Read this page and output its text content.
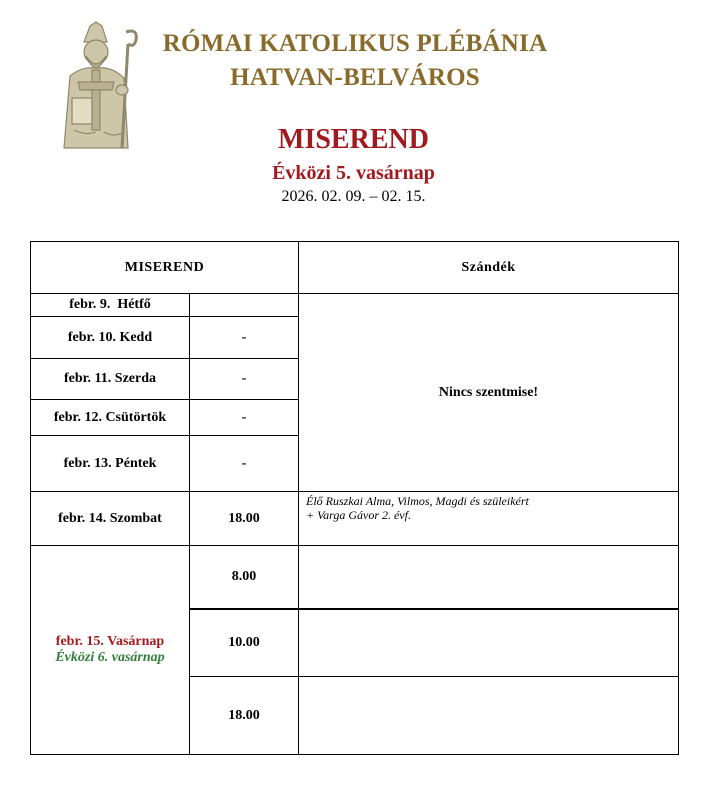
RÓMAI KATOLIKUS PLÉBÁNIA
HATVAN-BELVÁROS
MISEREND
Évközi 5. vasárnap
2026. 02. 09. – 02. 15.
MISEREND		Szándék
febr. 9.  Hétfő		Nincs szentmise!
febr. 10. Kedd	-	
febr. 11. Szerda	-	
febr. 12. Csütörtök	-	
febr. 13. Péntek	-	
febr. 14. Szombat	18.00	Élő Ruszkai Alma, Vilmos, Magdi és szüleikért
+ Varga Gávor 2. évf.

febr. 15. Vasárnap
Évközi 6. vasárnap	8.00	
	10.00	
	18.00	
